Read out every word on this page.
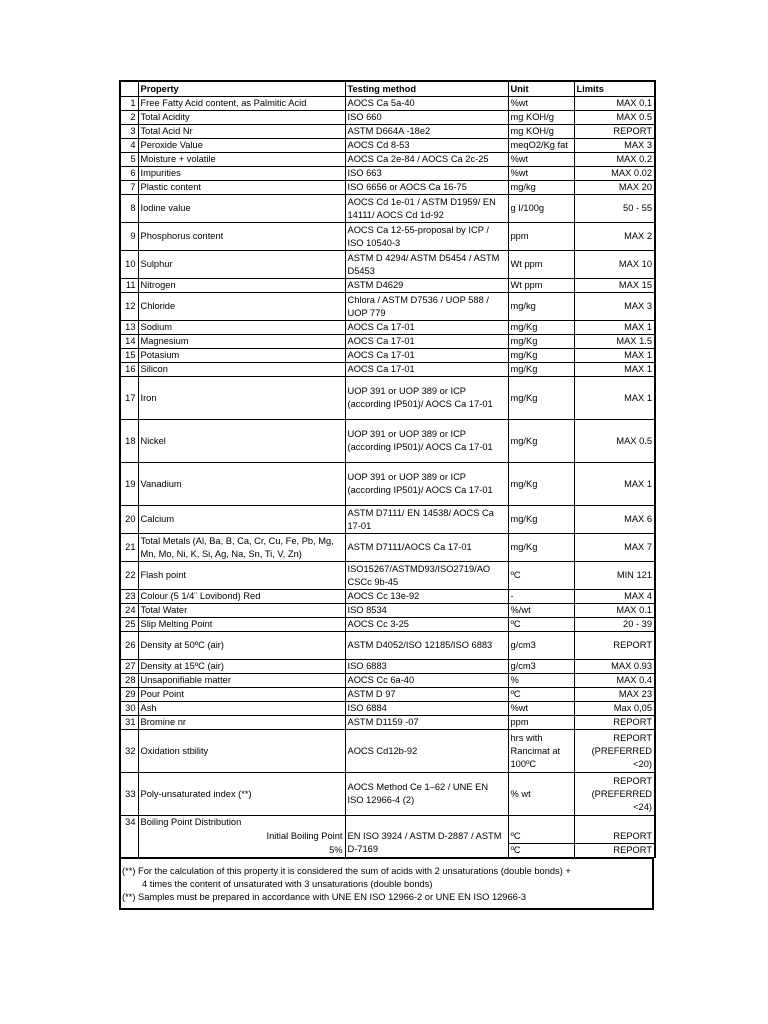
	Property	Testing method	Unit	Limits
1	Free Fatty Acid content, as Palmitic Acid	AOCS Ca 5a-40	%wt	MAX 0.1
2	Total Acidity	ISO 660	mg KOH/g	MAX 0.5
3	Total Acid Nr	ASTM D664A -18e2	mg KOH/g	REPORT
4	Peroxide Value	AOCS Cd 8-53	meqO2/Kg fat	MAX 3
5	Moisture + volatile	AOCS Ca 2e-84 / AOCS Ca 2c-25	%wt	MAX 0.2
6	Impurities	ISO 663	%wt	MAX 0.02
7	Plastic content	ISO 6656 or AOCS Ca 16-75	mg/kg	MAX 20
8	Iodine value	AOCS Cd 1e-01 / ASTM D1959/ EN 14111/ AOCS Cd 1d-92	g I/100g	50 - 55
9	Phosphorus content	AOCS Ca 12-55-proposal by ICP / ISO 10540-3	ppm	MAX 2
10	Sulphur	ASTM D 4294/ ASTM D5454 / ASTM D5453	Wt ppm	MAX 10
11	Nitrogen	ASTM D4629	Wt ppm	MAX 15
12	Chloride	Chlora / ASTM D7536 / UOP 588 / UOP 779	mg/kg	MAX 3
13	Sodium	AOCS Ca 17-01	mg/Kg	MAX 1
14	Magnesium	AOCS Ca 17-01	mg/Kg	MAX 1.5
15	Potasium	AOCS Ca 17-01	mg/Kg	MAX 1
16	Silicon	AOCS Ca 17-01	mg/Kg	MAX 1
17	Iron	UOP 391 or UOP 389 or ICP (according IP501)/ AOCS Ca 17-01	mg/Kg	MAX 1
18	Nickel	UOP 391 or UOP 389 or ICP (according IP501)/ AOCS Ca 17-01	mg/Kg	MAX 0.5
19	Vanadium	UOP 391 or UOP 389 or ICP (according IP501)/ AOCS Ca 17-01	mg/Kg	MAX 1
20	Calcium	ASTM D7111/ EN 14538/ AOCS Ca 17-01	mg/Kg	MAX 6
21	Total Metals (Al, Ba, B, Ca, Cr, Cu, Fe, Pb, Mg, Mn, Mo, Ni, K, Si, Ag, Na, Sn, Ti, V, Zn)	ASTM D7111/AOCS Ca 17-01	mg/Kg	MAX 7
22	Flash point	ISO15267/ASTMD93/ISO2719/AO CSCc 9b-45	ºC	MIN 121
23	Colour (5 1/4¨ Lovibond) Red	AOCS Cc 13e-92	-	MAX 4
24	Total Water	ISO 8534	%/wt	MAX 0.1
25	Slip Melting Point	AOCS Cc 3-25	ºC	20 - 39
26	Density at 50ºC (air)	ASTM D4052/ISO 12185/ISO 6883	g/cm3	REPORT
27	Density at 15ºC (air)	ISO 6883	g/cm3	MAX 0.93
28	Unsaponifiable matter	AOCS Cc 6a-40	%	MAX 0.4
29	Pour Point	ASTM D 97	ºC	MAX 23
30	Ash	ISO 6884	%wt	Max 0,05
31	Bromine nr	ASTM D1159 -07	ppm	REPORT
32	Oxidation stbility	AOCS Cd12b-92	hrs with Rancimat at 100ºC	REPORT (PREFERRED <20)
33	Poly-unsaturated index (**)	AOCS Method Ce 1–62 / UNE EN ISO 12966-4 (2)	% wt	REPORT (PREFERRED <24)
34	Boiling Point Distribution			
	Initial Boiling Point	EN ISO 3924 / ASTM D-2887 / ASTM D-7169	ºC	REPORT
	5%		ºC	REPORT
(**) For the calculation of this property it is considered the sum of acids with 2 unsaturations (double bonds) +
4 times the content of unsaturated with 3 unsaturations (double bonds)
(**) Samples must be prepared in accordance with UNE EN ISO 12966-2 or UNE EN ISO 12966-3
